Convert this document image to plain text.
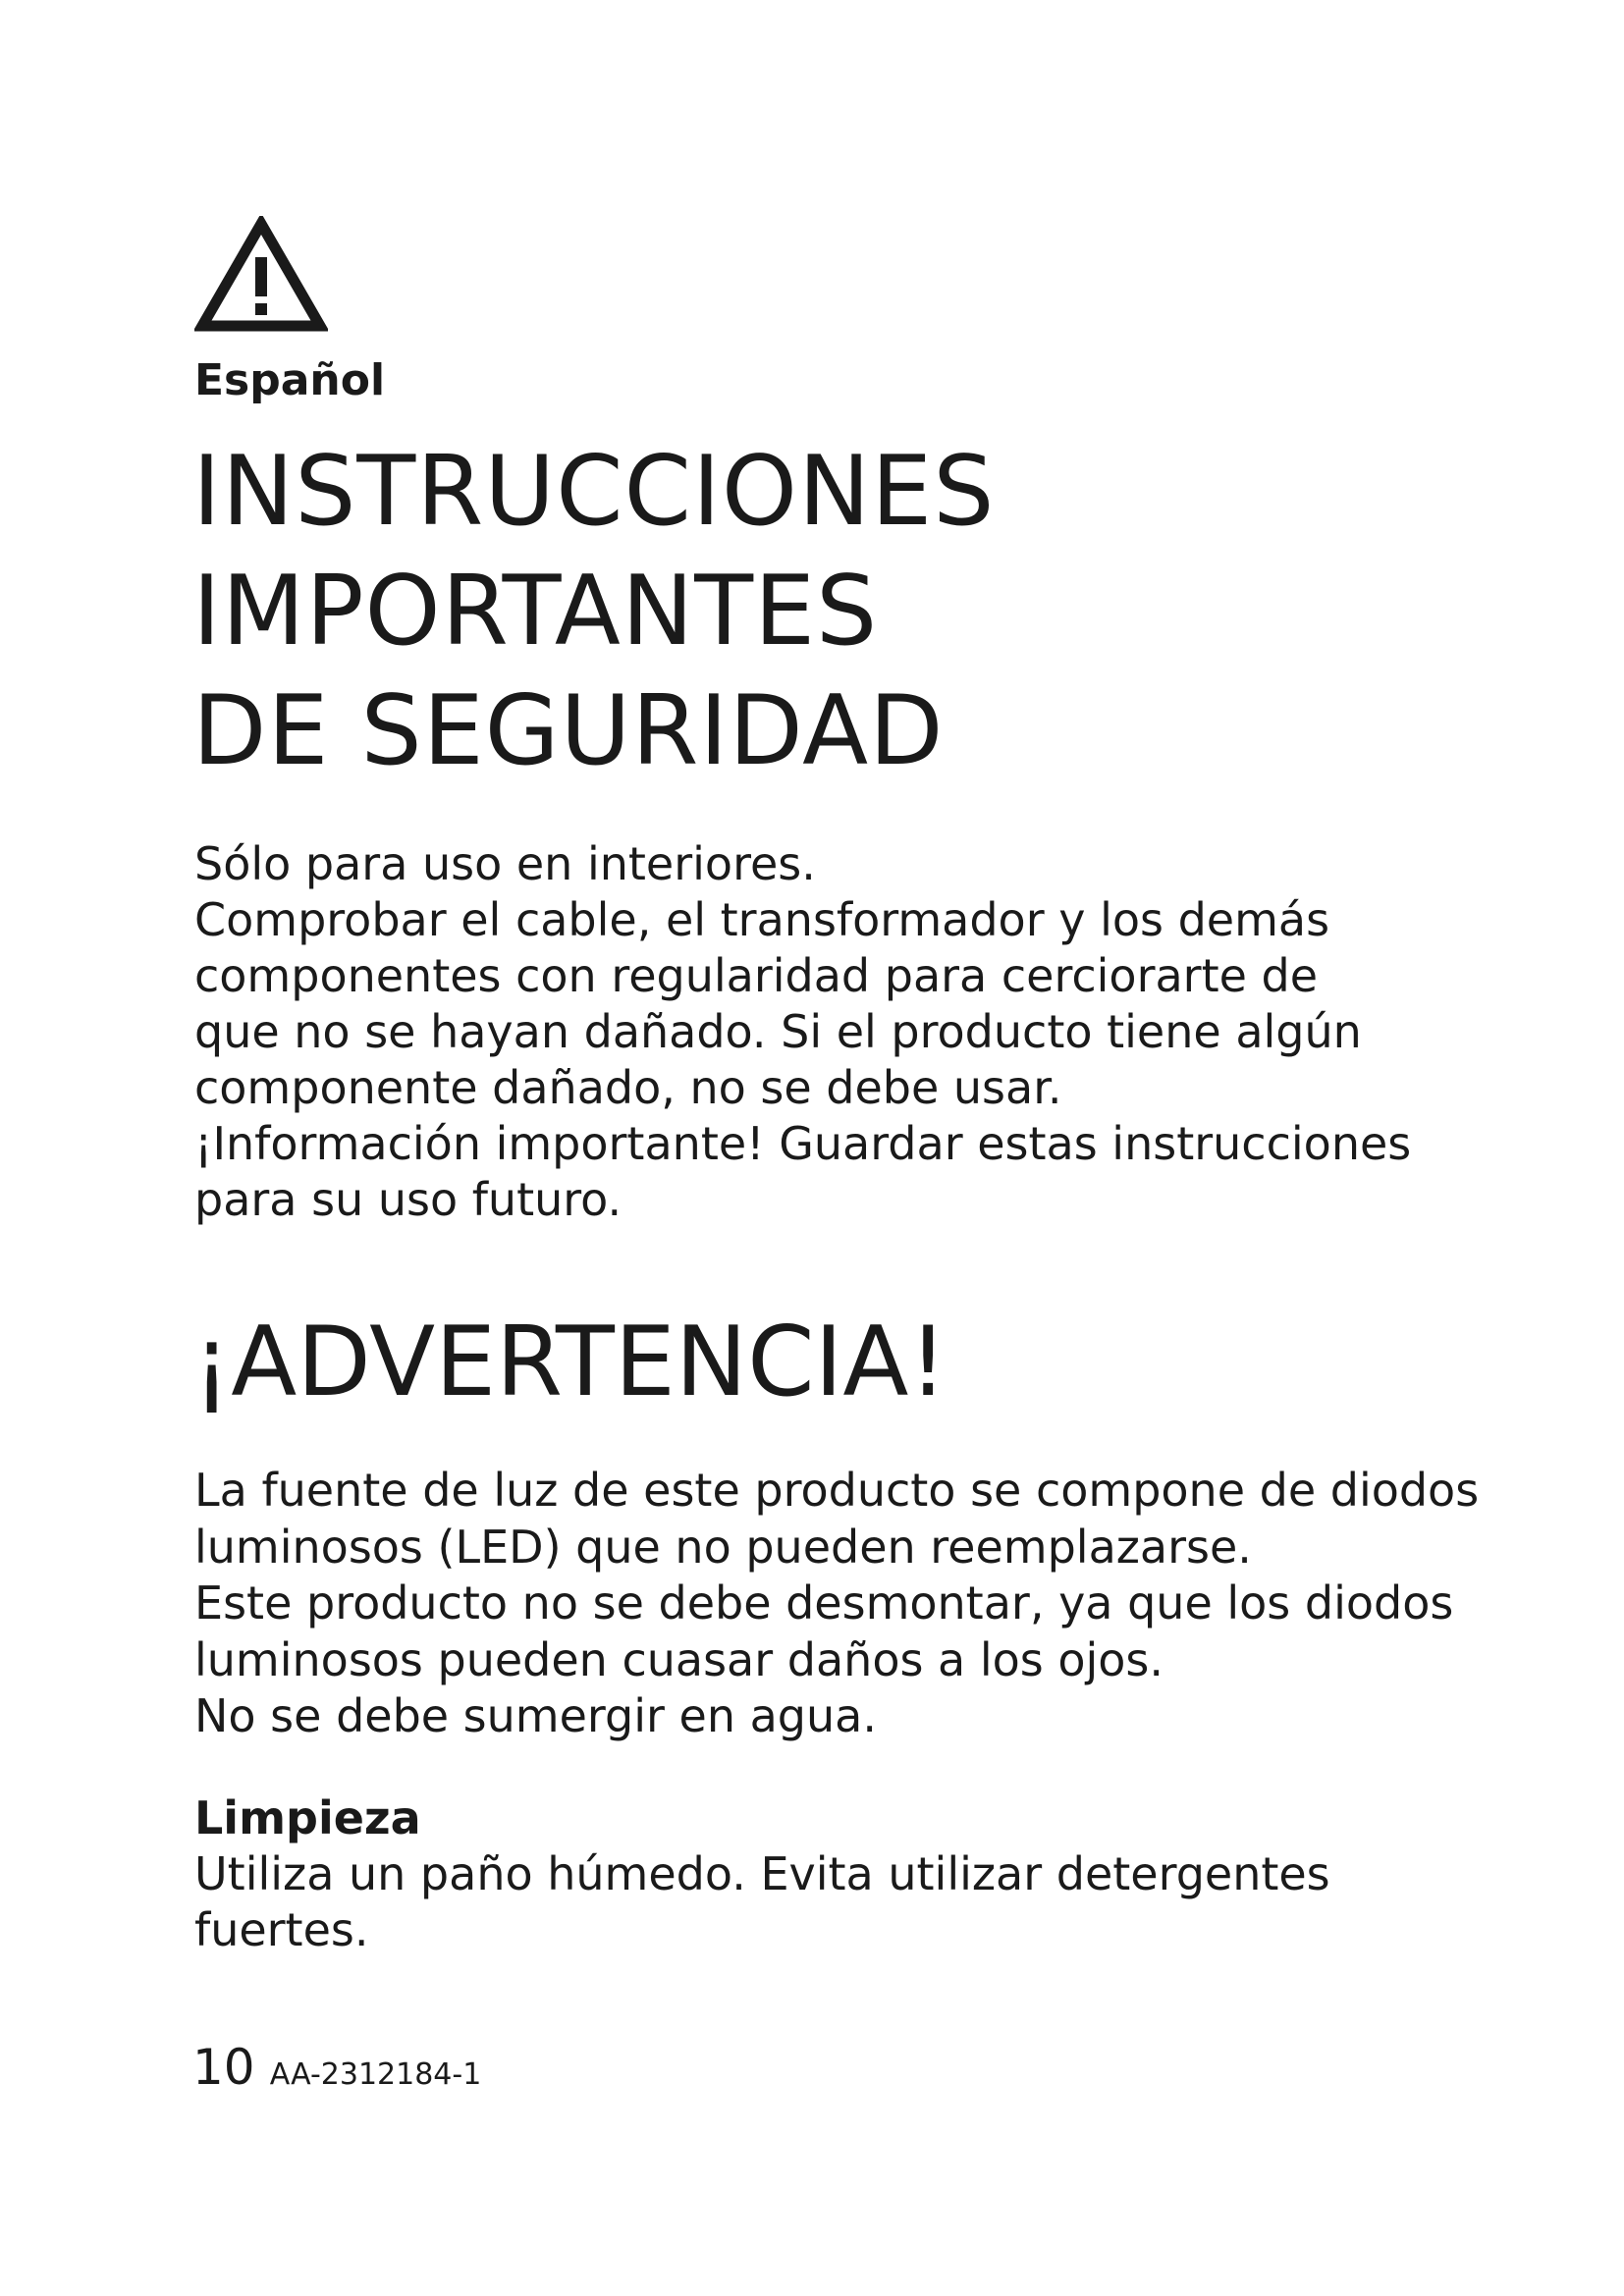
Español
INSTRUCCIONES
IMPORTANTES
DE SEGURIDAD

Sólo para uso en interiores.

Comprobar el cable, el transformador y los demás

componentes con regularidad para cerciorarte de

que no se hayan dañado. Si el producto tiene algún

componente dañado, no se debe usar.

¡Información importante! Guardar estas instrucciones

para su uso futuro.

¡ADVERTENCIA!

La fuente de luz de este producto se compone de diodos

luminosos (LED) que no pueden reemplazarse.

Este producto no se debe desmontar, ya que los diodos

luminosos pueden cuasar daños a los ojos.

No se debe sumergir en agua.

Limpieza

Utiliza un paño húmedo. Evita utilizar detergentes

fuertes.

10 AA-2312184-1
